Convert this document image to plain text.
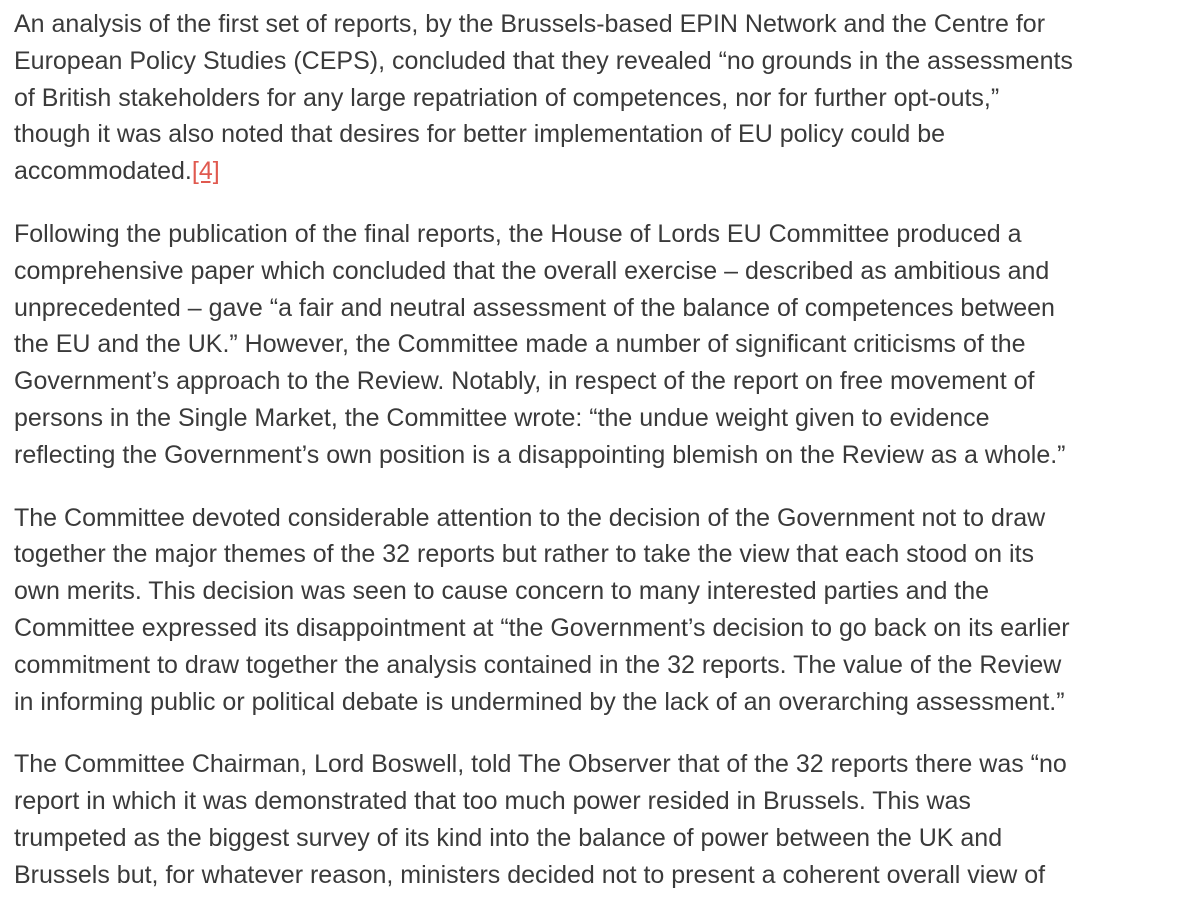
An analysis of the first set of reports, by the Brussels-based EPIN Network and the Centre for
European Policy Studies (CEPS), concluded that they revealed “no grounds in the assessments
of British stakeholders for any large repatriation of competences, nor for further opt-outs,”
though it was also noted that desires for better implementation of EU policy could be
accommodated.[4]

Following the publication of the final reports, the House of Lords EU Committee produced a
comprehensive paper which concluded that the overall exercise – described as ambitious and
unprecedented – gave “a fair and neutral assessment of the balance of competences between
the EU and the UK.” However, the Committee made a number of significant criticisms of the
Government’s approach to the Review. Notably, in respect of the report on free movement of
persons in the Single Market, the Committee wrote: “the undue weight given to evidence
reflecting the Government’s own position is a disappointing blemish on the Review as a whole.”

The Committee devoted considerable attention to the decision of the Government not to draw
together the major themes of the 32 reports but rather to take the view that each stood on its
own merits. This decision was seen to cause concern to many interested parties and the
Committee expressed its disappointment at “the Government’s decision to go back on its earlier
commitment to draw together the analysis contained in the 32 reports. The value of the Review
in informing public or political debate is undermined by the lack of an overarching assessment.”

The Committee Chairman, Lord Boswell, told The Observer that of the 32 reports there was “no
report in which it was demonstrated that too much power resided in Brussels. This was
trumpeted as the biggest survey of its kind into the balance of power between the UK and
Brussels but, for whatever reason, ministers decided not to present a coherent overall view of
